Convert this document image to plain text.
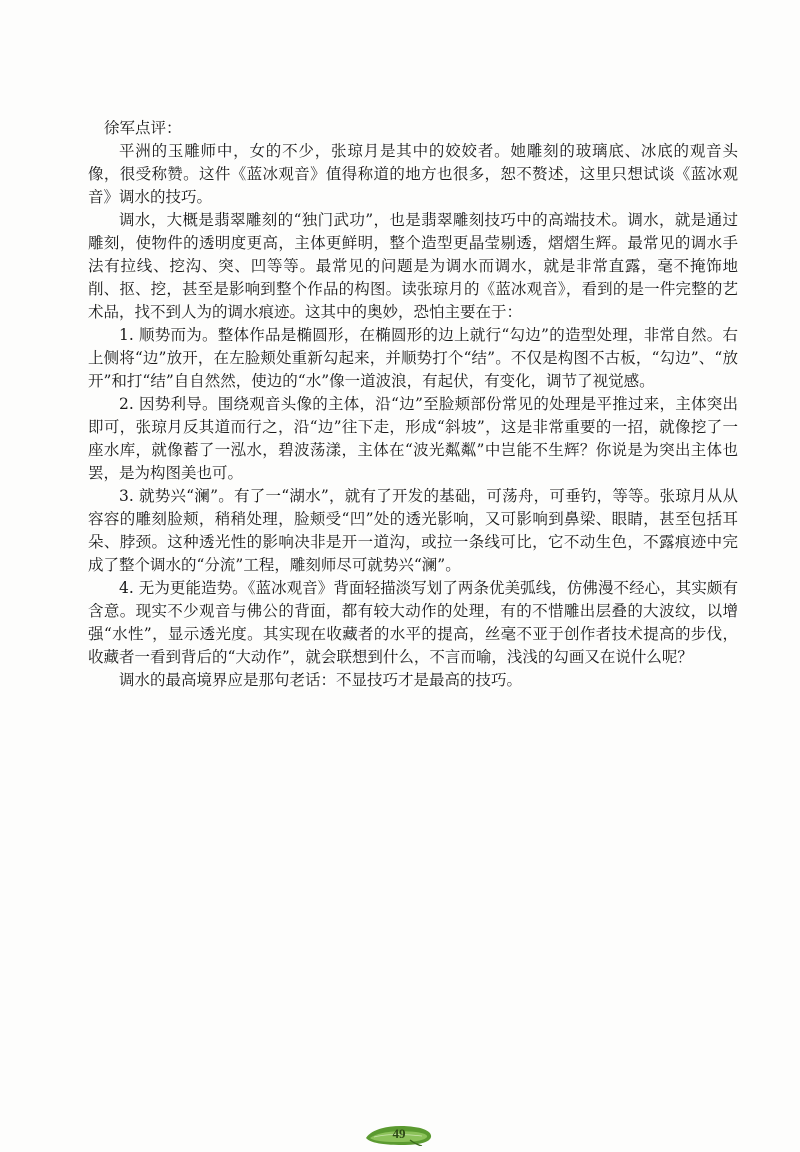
徐军点评：

平洲的玉雕师中，女的不少，张琼月是其中的姣姣者。她雕刻的玻璃底、冰底的观音头像，很受称赞。这件《蓝冰观音》值得称道的地方也很多，恕不赘述，这里只想试谈《蓝冰观音》调水的技巧。

调水，大概是翡翠雕刻的“独门武功”，也是翡翠雕刻技巧中的高端技术。调水，就是通过雕刻，使物件的透明度更高，主体更鲜明，整个造型更晶莹剔透，熠熠生辉。最常见的调水手法有拉线、挖沟、突、凹等等。最常见的问题是为调水而调水，就是非常直露，毫不掩饰地削、抠、挖，甚至是影响到整个作品的构图。读张琼月的《蓝冰观音》，看到的是一件完整的艺术品，找不到人为的调水痕迹。这其中的奥妙，恐怕主要在于：

1. 顺势而为。整体作品是椭圆形，在椭圆形的边上就行“勾边”的造型处理，非常自然。右上侧将“边”放开，在左脸颊处重新勾起来，并顺势打个“结”。不仅是构图不古板，“勾边”、“放开”和打“结”自自然然，使边的“水”像一道波浪，有起伏，有变化，调节了视觉感。

2. 因势利导。围绕观音头像的主体，沿“边”至脸颊部份常见的处理是平推过来，主体突出即可，张琼月反其道而行之，沿“边”往下走，形成“斜坡”，这是非常重要的一招，就像挖了一座水库，就像蓄了一泓水，碧波荡漾，主体在“波光粼粼”中岂能不生辉？你说是为突出主体也罢，是为构图美也可。

3. 就势兴“澜”。有了一“湖水”，就有了开发的基础，可荡舟，可垂钓，等等。张琼月从从容容的雕刻脸颊，稍稍处理，脸颊受“凹”处的透光影响，又可影响到鼻梁、眼睛，甚至包括耳朵、脖颈。这种透光性的影响决非是开一道沟，或拉一条线可比，它不动生色，不露痕迹中完成了整个调水的“分流”工程，雕刻师尽可就势兴“澜”。

4. 无为更能造势。《蓝冰观音》背面轻描淡写划了两条优美弧线，仿佛漫不经心，其实颇有含意。现实不少观音与佛公的背面，都有较大动作的处理，有的不惜雕出层叠的大波纹，以增强“水性”，显示透光度。其实现在收藏者的水平的提高，丝毫不亚于创作者技术提高的步伐，收藏者一看到背后的“大动作”，就会联想到什么，不言而喻，浅浅的勾画又在说什么呢？

调水的最高境界应是那句老话：不显技巧才是最高的技巧。

49
